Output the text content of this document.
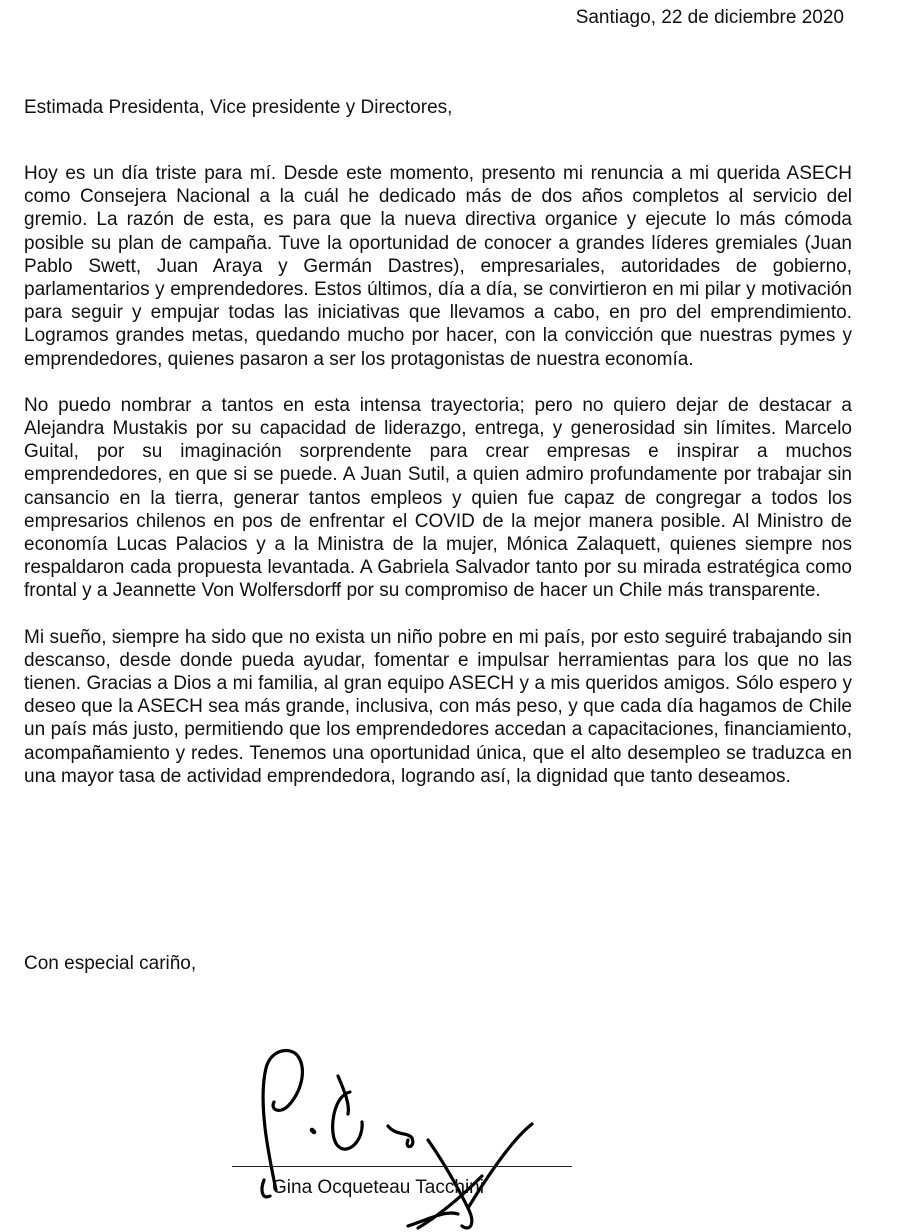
Santiago, 22 de diciembre 2020
Estimada Presidenta, Vice presidente y Directores,

Hoy es un día triste para mí. Desde este momento, presento mi renuncia a mi querida ASECH como Consejera Nacional a la cuál he dedicado más de dos años completos al servicio del gremio. La razón de esta, es para que la nueva directiva organice y ejecute lo más cómoda posible su plan de campaña. Tuve la oportunidad de conocer a grandes líderes gremiales (Juan Pablo Swett, Juan Araya y Germán Dastres), empresariales, autoridades de gobierno, parlamentarios y emprendedores. Estos últimos, día a día, se convirtieron en mi pilar y motivación para seguir y empujar todas las iniciativas que llevamos a cabo, en pro del emprendimiento. Logramos grandes metas, quedando mucho por hacer, con la convicción que nuestras pymes y emprendedores, quienes pasaron a ser los protagonistas de nuestra economía.

No puedo nombrar a tantos en esta intensa trayectoria; pero no quiero dejar de destacar a Alejandra Mustakis por su capacidad de liderazgo, entrega, y generosidad sin límites. Marcelo Guital, por su imaginación sorprendente para crear empresas e inspirar a muchos emprendedores, en que si se puede. A Juan Sutil, a quien admiro profundamente por trabajar sin cansancio en la tierra, generar tantos empleos y quien fue capaz de congregar a todos los empresarios chilenos en pos de enfrentar el COVID de la mejor manera posible. Al Ministro de economía Lucas Palacios y a la Ministra de la mujer, Mónica Zalaquett, quienes siempre nos respaldaron cada propuesta levantada. A Gabriela Salvador tanto por su mirada estratégica como frontal y a Jeannette Von Wolfersdorff por su compromiso de hacer un Chile más transparente.

Mi sueño, siempre ha sido que no exista un niño pobre en mi país, por esto seguiré trabajando sin descanso, desde donde pueda ayudar, fomentar e impulsar herramientas para los que no las tienen. Gracias a Dios a mi familia, al gran equipo ASECH y a mis queridos amigos. Sólo espero y deseo que la ASECH sea más grande, inclusiva, con más peso, y que cada día hagamos de Chile un país más justo, permitiendo que los emprendedores accedan a capacitaciones, financiamiento, acompañamiento y redes. Tenemos una oportunidad única, que el alto desempleo se traduzca en una mayor tasa de actividad emprendedora, logrando así, la dignidad que tanto deseamos.

Con especial cariño,
Gina Ocqueteau Tacchini
